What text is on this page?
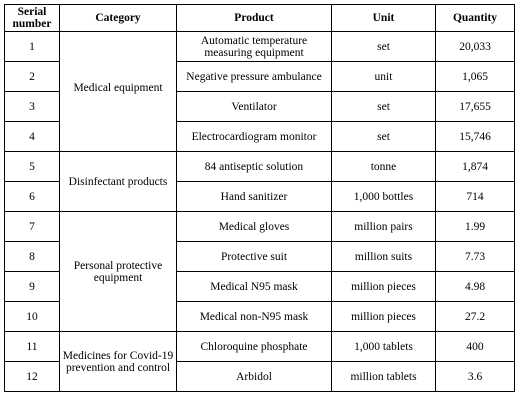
Serial number	Category	Product	Unit	Quantity
1	Medical equipment	Automatic temperature measuring equipment	set	20,033
2		Negative pressure ambulance	unit	1,065
3		Ventilator	set	17,655
4		Electrocardiogram monitor	set	15,746
5	Disinfectant products	84 antiseptic solution	tonne	1,874
6		Hand sanitizer	1,000 bottles	714
7	Personal protective equipment	Medical gloves	million pairs	1.99
8		Protective suit	million suits	7.73
9		Medical N95 mask	million pieces	4.98
10		Medical non-N95 mask	million pieces	27.2
11	Medicines for Covid-19 prevention and control	Chloroquine phosphate	1,000 tablets	400
12		Arbidol	million tablets	3.6
